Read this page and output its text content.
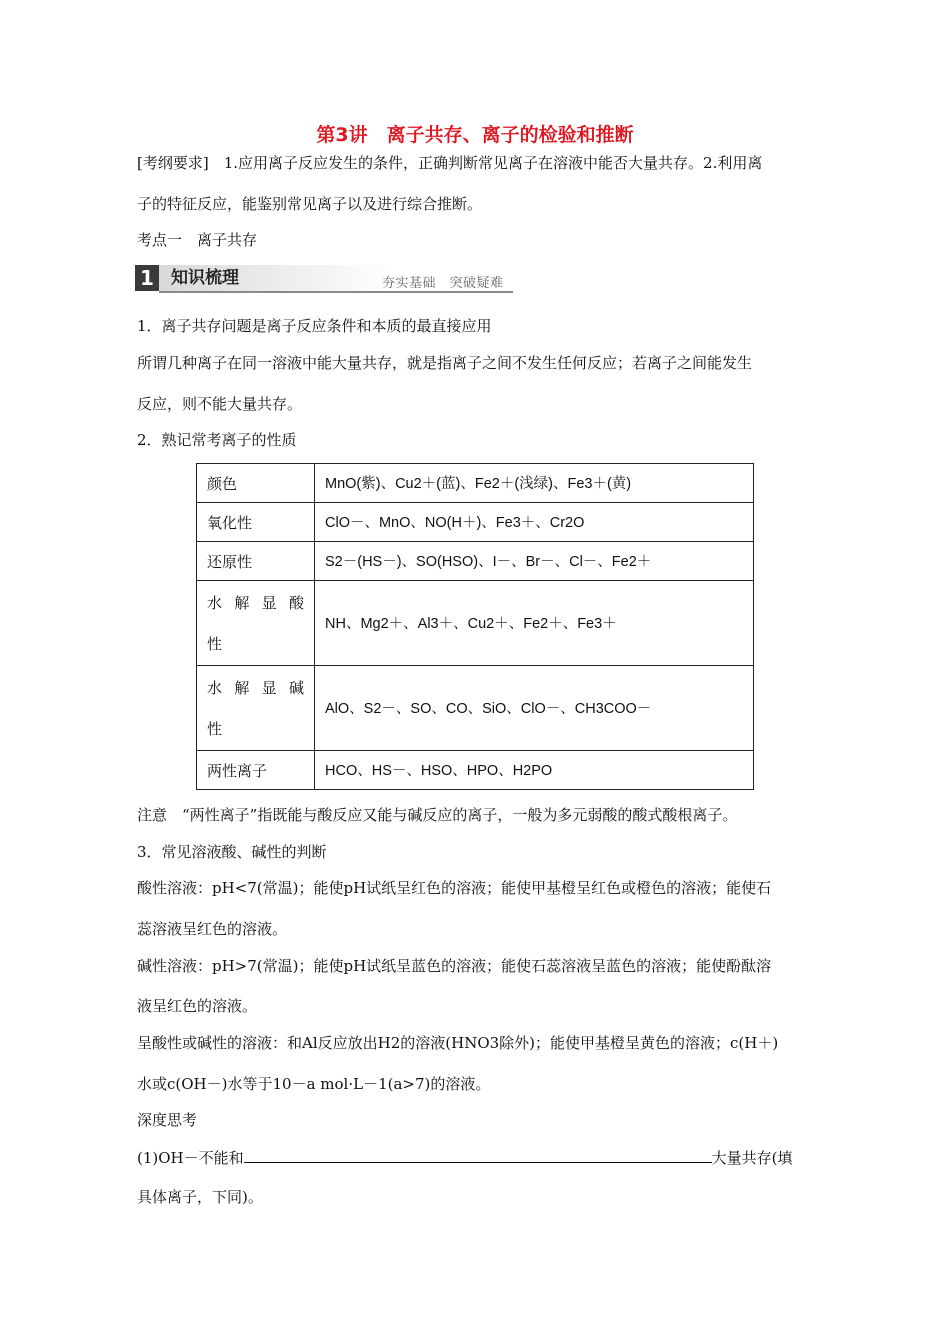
第3讲　离子共存、离子的检验和推断
[考纲要求]　1.应用离子反应发生的条件，正确判断常见离子在溶液中能否大量共存。2.利用离
子的特征反应，能鉴别常见离子以及进行综合推断。
考点一　离子共存
1	知识梳理	夯实基础　突破疑难
1．离子共存问题是离子反应条件和本质的最直接应用
所谓几种离子在同一溶液中能大量共存，就是指离子之间不发生任何反应；若离子之间能发生
反应，则不能大量共存。
2．熟记常考离子的性质
颜色	MnO(紫)、Cu2＋(蓝)、Fe2＋(浅绿)、Fe3＋(黄)
氧化性	ClO－、MnO、NO(H＋)、Fe3＋、Cr2O
还原性	S2－(HS－)、SO(HSO)、I－、Br－、Cl－、Fe2＋

水解显酸
性	NH、Mg2＋、Al3＋、Cu2＋、Fe2＋、Fe3＋

水解显碱
性	AlO、S2－、SO、CO、SiO、ClO－、CH3COO－
两性离子	HCO、HS－、HSO、HPO、H2PO
注意　“两性离子”指既能与酸反应又能与碱反应的离子，一般为多元弱酸的酸式酸根离子。
3．常见溶液酸、碱性的判断
酸性溶液：pH<7(常温)；能使pH试纸呈红色的溶液；能使甲基橙呈红色或橙色的溶液；能使石
蕊溶液呈红色的溶液。
碱性溶液：pH>7(常温)；能使pH试纸呈蓝色的溶液；能使石蕊溶液呈蓝色的溶液；能使酚酞溶
液呈红色的溶液。
呈酸性或碱性的溶液：和Al反应放出H2的溶液(HNO3除外)；能使甲基橙呈黄色的溶液；c(H＋)
水或c(OH－)水等于10－a mol·L－1(a>7)的溶液。
深度思考
(1)OH－不能和	大量共存(填
具体离子，下同)。
